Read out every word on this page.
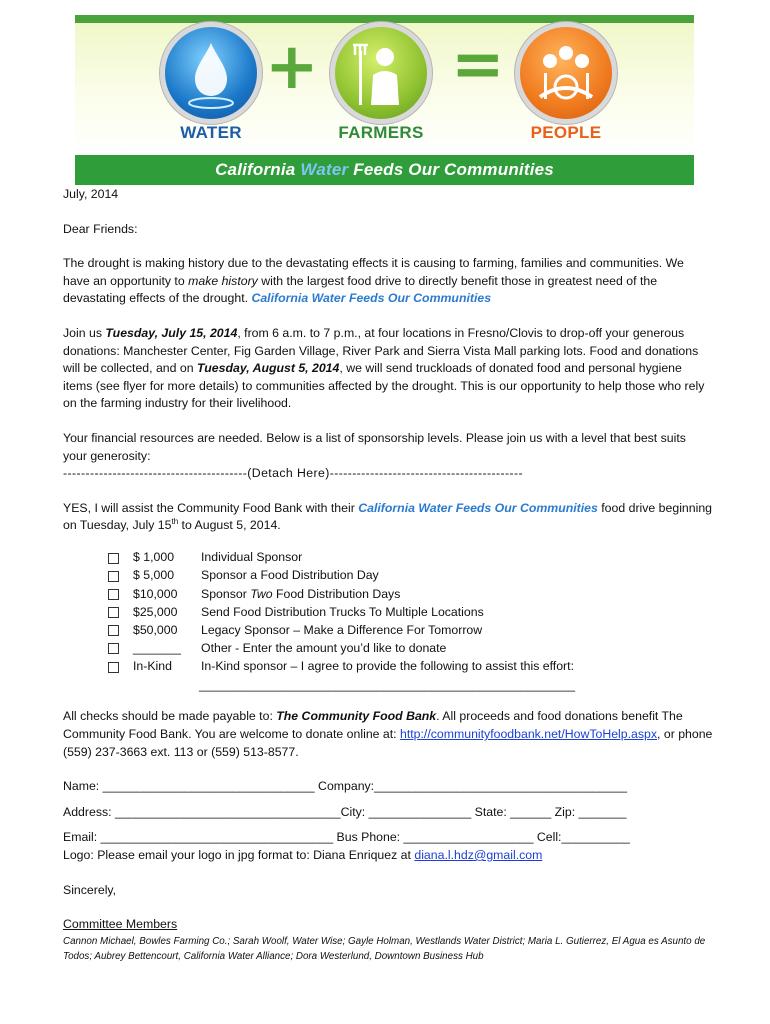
+ =
WATER	FARMERS	PEOPLE
California Water Feeds Our Communities

July, 2014

Dear Friends:

The drought is making history due to the devastating effects it is causing to farming, families and communities. We have an opportunity to make history with the largest food drive to directly benefit those in greatest need of the devastating effects of the drought. California Water Feeds Our Communities

Join us Tuesday, July 15, 2014, from 6 a.m. to 7 p.m., at four locations in Fresno/Clovis to drop-off your generous donations: Manchester Center, Fig Garden Village, River Park and Sierra Vista Mall parking lots. Food and donations will be collected, and on Tuesday, August 5, 2014, we will send truckloads of donated food and personal hygiene items (see flyer for more details) to communities affected by the drought. This is our opportunity to help those who rely on the farming industry for their livelihood.

Your financial resources are needed. Below is a list of sponsorship levels. Please join us with a level that best suits your generosity:

-----------------------------------------(Detach Here)-------------------------------------------

YES, I will assist the Community Food Bank with their California Water Feeds Our Communities food drive beginning on Tuesday, July 15th to August 5, 2014.

$ 1,000	Individual Sponsor
$ 5,000	Sponsor a Food Distribution Day
$10,000	Sponsor Two Food Distribution Days
$25,000	Send Food Distribution Trucks To Multiple Locations
$50,000	Legacy Sponsor – Make a Difference For Tomorrow
_______	Other - Enter the amount you’d like to donate
In-Kind	In-Kind sponsor – I agree to provide the following to assist this effort:
_______________________________________________________

All checks should be made payable to: The Community Food Bank. All proceeds and food donations benefit The Community Food Bank. You are welcome to donate online at: http://communityfoodbank.net/HowToHelp.aspx, or phone (559) 237-3663 ext. 113 or (559) 513-8577.

Name: _______________________________ Company:_____________________________________

Address: _________________________________City: _______________ State: ______ Zip: _______

Email: __________________________________ Bus Phone: ___________________ Cell:__________

Logo: Please email your logo in jpg format to: Diana Enriquez at diana.l.hdz@gmail.com

Sincerely,

Committee Members

Cannon Michael, Bowles Farming Co.; Sarah Woolf, Water Wise; Gayle Holman, Westlands Water District; Maria L. Gutierrez, El Agua es Asunto de Todos; Aubrey Bettencourt, California Water Alliance; Dora Westerlund, Downtown Business Hub
